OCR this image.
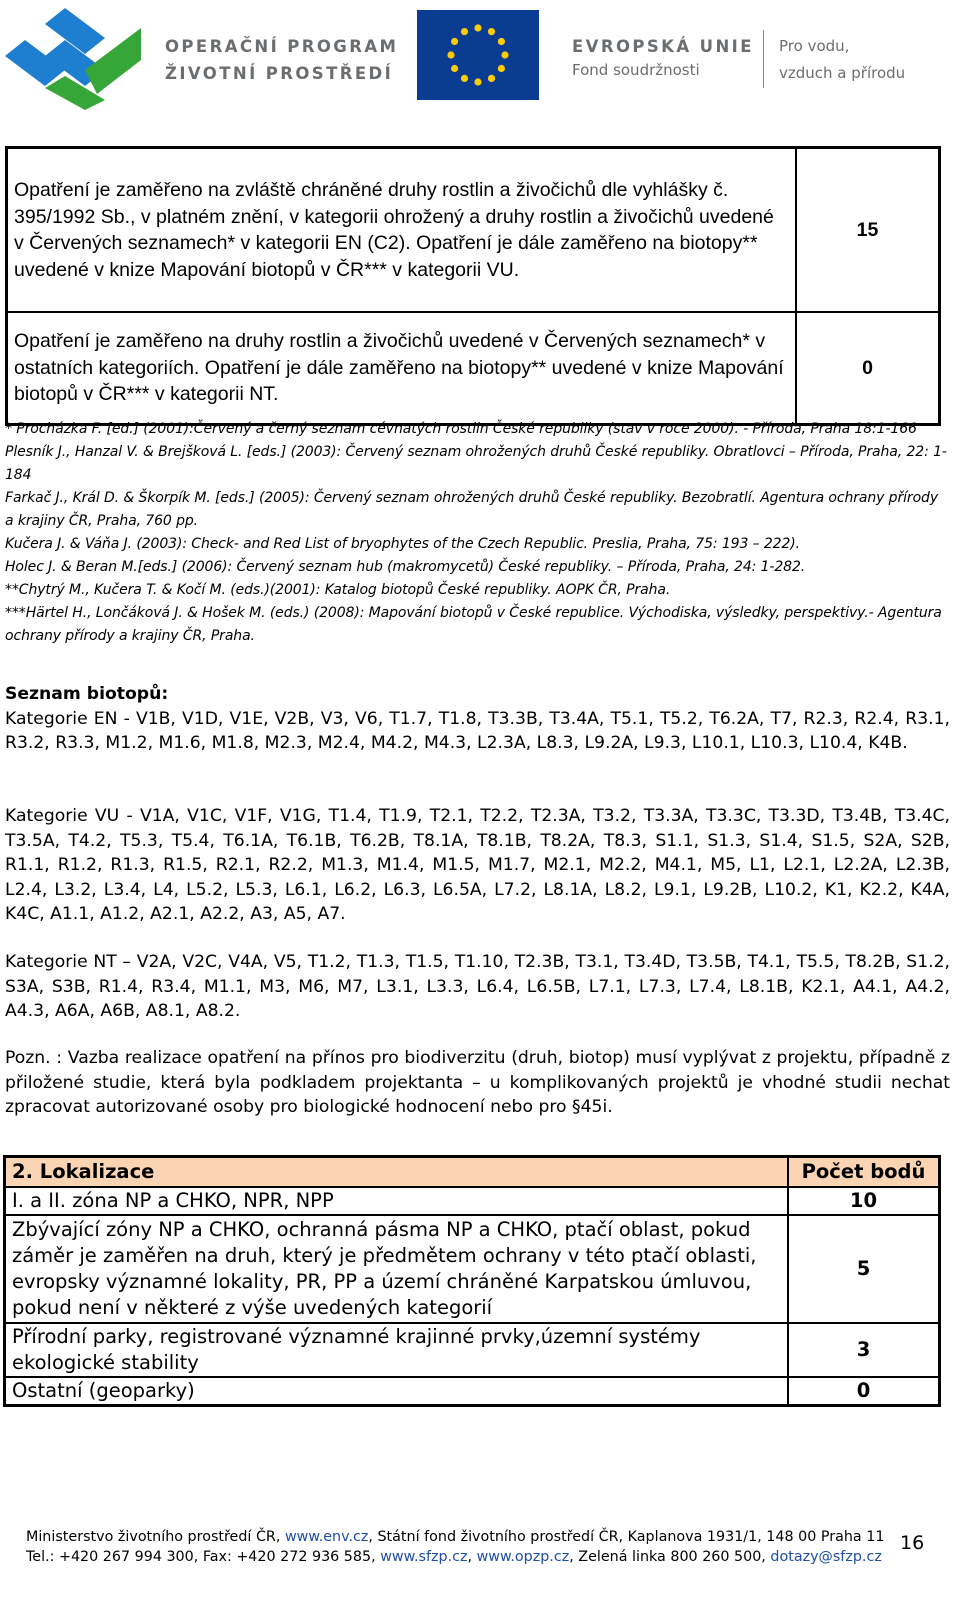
OPERAČNÍ PROGRAM
ŽIVOTNÍ PROSTŘEDÍ
EVROPSKÁ UNIE
Fond soudržnosti
Pro vodu,
vzduch a přírodu
Opatření je zaměřeno na zvláště chráněné druhy rostlin a živočichů dle vyhlášky č. 395/1992 Sb., v platném znění, v kategorii ohrožený a druhy rostlin a živočichů uvedené v Červených seznamech* v kategorii EN (C2). Opatření je dále zaměřeno na biotopy** uvedené v knize Mapování biotopů v ČR*** v kategorii VU.	15
Opatření je zaměřeno na druhy rostlin a živočichů uvedené v Červených seznamech* v ostatních kategoriích. Opatření je dále zaměřeno na biotopy** uvedené v knize Mapování biotopů v ČR*** v kategorii NT.	0

* Procházka F. [ed.] (2001):Červený a černý seznam cévnatých rostlin České republiky (stav v roce 2000). - Příroda, Praha 18:1-166

Plesník J., Hanzal V. & Brejšková L. [eds.] (2003): Červený seznam ohrožených druhů České republiky. Obratlovci – Příroda, Praha, 22: 1-184

Farkač J., Král D. & Škorpík M. [eds.] (2005): Červený seznam ohrožených druhů České republiky. Bezobratlí. Agentura ochrany přírody a krajiny ČR, Praha, 760 pp.

Kučera J. & Váňa J. (2003): Check- and Red List of bryophytes of the Czech Republic. Preslia, Praha, 75: 193 – 222).

Holec J. & Beran M.[eds.] (2006): Červený seznam hub (makromycetů) České republiky. – Příroda, Praha, 24: 1-282.

**Chytrý M., Kučera T. & Kočí M. (eds.)(2001): Katalog biotopů České republiky. AOPK ČR, Praha.

***Härtel H., Lončáková J. & Hošek M. (eds.) (2008): Mapování biotopů v České republice. Východiska, výsledky, perspektivy.- Agentura ochrany přírody a krajiny ČR, Praha.

Seznam biotopů:

Kategorie EN - V1B, V1D, V1E, V2B, V3, V6, T1.7, T1.8, T3.3B, T3.4A, T5.1, T5.2, T6.2A, T7, R2.3, R2.4, R3.1, R3.2, R3.3, M1.2, M1.6, M1.8, M2.3, M2.4, M4.2, M4.3, L2.3A, L8.3, L9.2A, L9.3, L10.1, L10.3, L10.4, K4B.

Kategorie VU - V1A, V1C, V1F, V1G, T1.4, T1.9, T2.1, T2.2, T2.3A, T3.2, T3.3A, T3.3C, T3.3D, T3.4B, T3.4C, T3.5A, T4.2, T5.3, T5.4, T6.1A, T6.1B, T6.2B, T8.1A, T8.1B, T8.2A, T8.3, S1.1, S1.3, S1.4, S1.5, S2A, S2B, R1.1, R1.2, R1.3, R1.5, R2.1, R2.2, M1.3, M1.4, M1.5, M1.7, M2.1, M2.2, M4.1, M5, L1, L2.1, L2.2A, L2.3B, L2.4, L3.2, L3.4, L4, L5.2, L5.3, L6.1, L6.2, L6.3, L6.5A, L7.2, L8.1A, L8.2, L9.1, L9.2B, L10.2, K1, K2.2, K4A, K4C, A1.1, A1.2, A2.1, A2.2, A3, A5, A7.

Kategorie NT – V2A, V2C, V4A, V5, T1.2, T1.3, T1.5, T1.10, T2.3B, T3.1, T3.4D, T3.5B, T4.1, T5.5, T8.2B, S1.2, S3A, S3B, R1.4, R3.4, M1.1, M3, M6, M7, L3.1, L3.3, L6.4, L6.5B, L7.1, L7.3, L7.4, L8.1B, K2.1, A4.1, A4.2, A4.3, A6A, A6B, A8.1, A8.2.

Pozn. : Vazba realizace opatření na přínos pro biodiverzitu (druh, biotop) musí vyplývat z projektu, případně z přiložené studie, která byla podkladem projektanta – u komplikovaných projektů je vhodné studii nechat zpracovat autorizované osoby pro biologické hodnocení nebo pro §45i.

2. Lokalizace	Počet bodů
I. a II. zóna NP a CHKO, NPR, NPP	10
Zbývající zóny NP a CHKO, ochranná pásma NP a CHKO, ptačí oblast, pokud záměr je zaměřen na druh, který je předmětem ochrany v této ptačí oblasti, evropsky významné lokality, PR, PP a území chráněné Karpatskou úmluvou, pokud není v některé z výše uvedených kategorií	5
Přírodní parky, registrované významné krajinné prvky,územní systémy ekologické stability	3
Ostatní (geoparky)	0
Ministerstvo životního prostředí ČR, www.env.cz, Státní fond životního prostředí ČR, Kaplanova 1931/1, 148 00 Praha 11
Tel.: +420 267 994 300, Fax: +420 272 936 585, www.sfzp.cz, www.opzp.cz, Zelená linka 800 260 500, dotazy@sfzp.cz
16
